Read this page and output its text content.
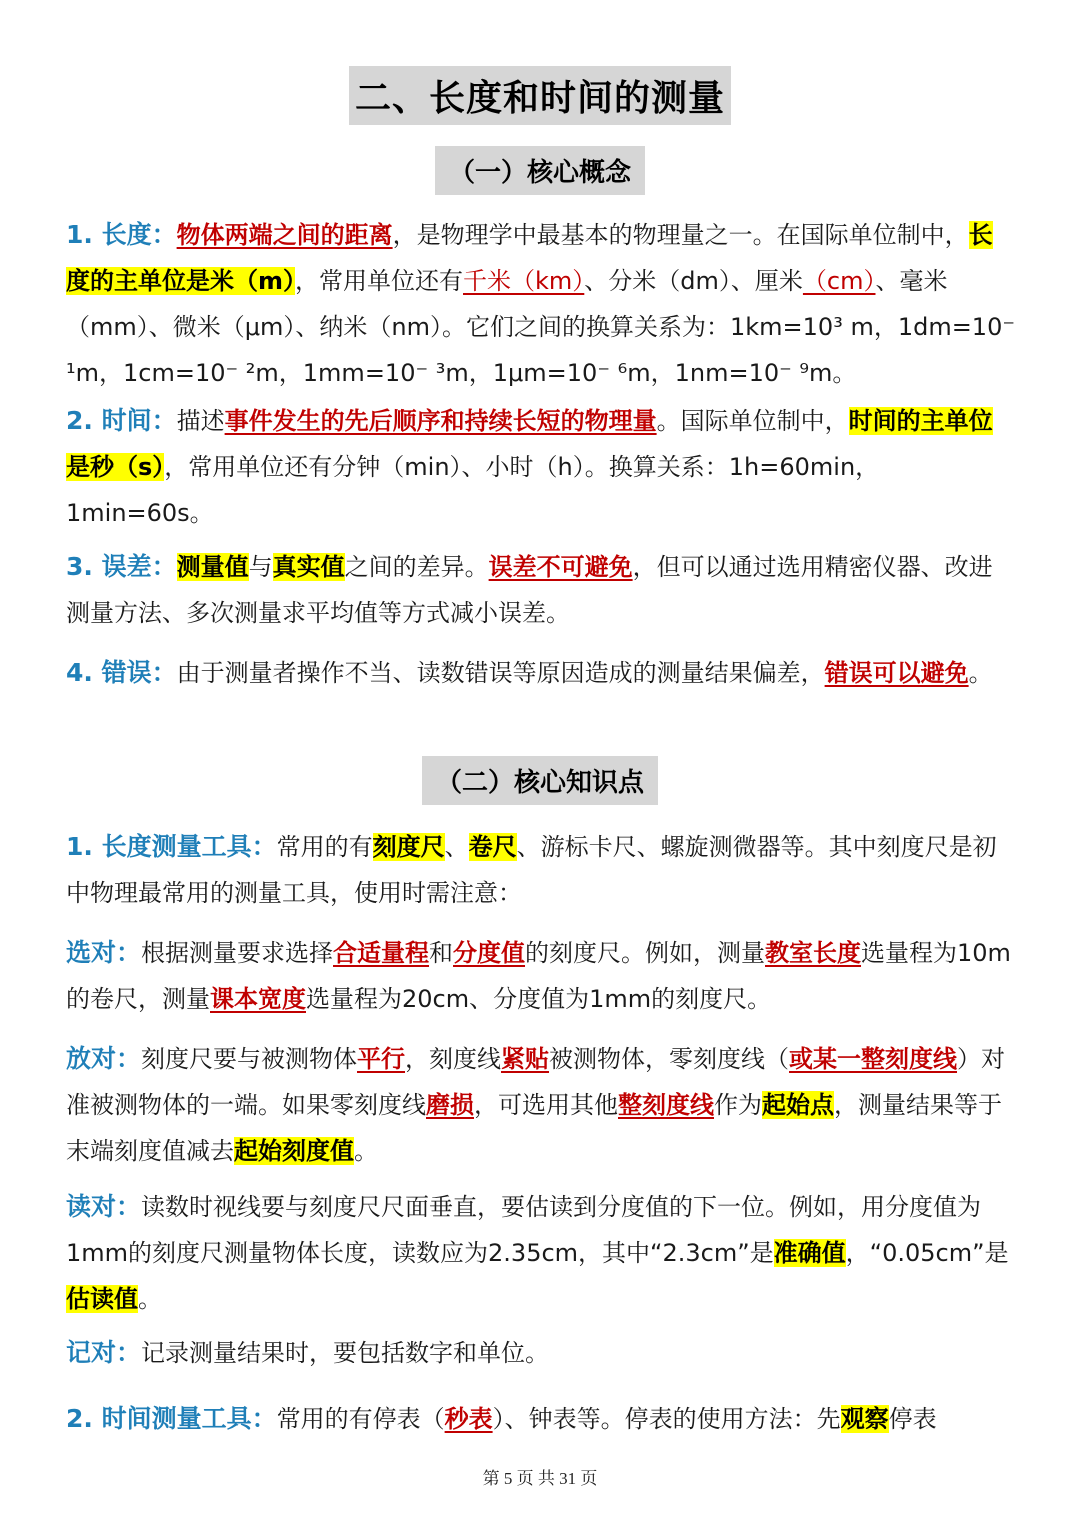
二、长度和时间的测量
（一）核心概念
1. 长度：物体两端之间的距离，是物理学中最基本的物理量之一。在国际单位制中，长度的主单位是米（m），常用单位还有千米（km）、分米（dm）、厘米（cm）、毫米（mm）、微米（μm）、纳米（nm）。它们之间的换算关系为：1km=10³ m，1dm=10⁻ ¹m，1cm=10⁻ ²m，1mm=10⁻ ³m，1μm=10⁻ ⁶m，1nm=10⁻ ⁹m。
2. 时间：描述事件发生的先后顺序和持续长短的物理量。国际单位制中，时间的主单位是秒（s），常用单位还有分钟（min）、小时（h）。换算关系：1h=60min，1min=60s。
3. 误差：测量值与真实值之间的差异。误差不可避免，但可以通过选用精密仪器、改进测量方法、多次测量求平均值等方式减小误差。
4. 错误：由于测量者操作不当、读数错误等原因造成的测量结果偏差，错误可以避免。
（二）核心知识点
1. 长度测量工具：常用的有刻度尺、卷尺、游标卡尺、螺旋测微器等。其中刻度尺是初中物理最常用的测量工具，使用时需注意：
选对：根据测量要求选择合适量程和分度值的刻度尺。例如，测量教室长度选量程为10m的卷尺，测量课本宽度选量程为20cm、分度值为1mm的刻度尺。
放对：刻度尺要与被测物体平行，刻度线紧贴被测物体，零刻度线（或某一整刻度线）对准被测物体的一端。如果零刻度线磨损，可选用其他整刻度线作为起始点，测量结果等于末端刻度值减去起始刻度值。
读对：读数时视线要与刻度尺尺面垂直，要估读到分度值的下一位。例如，用分度值为1mm的刻度尺测量物体长度，读数应为2.35cm，其中“2.3cm”是准确值，“0.05cm”是估读值。
记对：记录测量结果时，要包括数字和单位。
2. 时间测量工具：常用的有停表（秒表）、钟表等。停表的使用方法：先观察停表
第 5 页 共 31 页
